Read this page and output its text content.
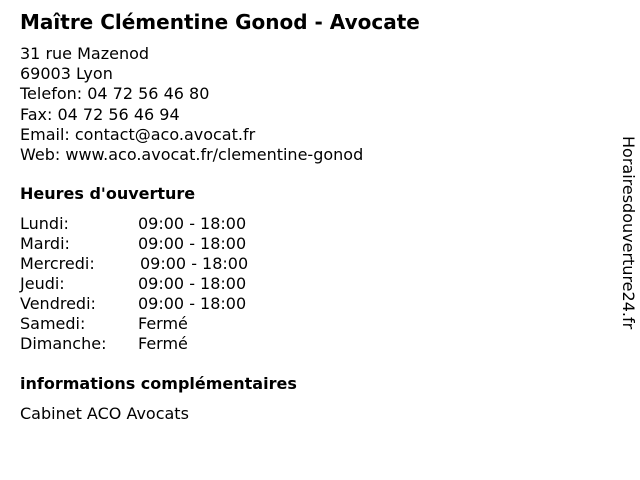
Maître Clémentine Gonod - Avocate
31 rue Mazenod
69003 Lyon
Telefon: 04 72 56 46 80
Fax: 04 72 56 46 94
Email: contact@aco.avocat.fr
Web: www.aco.avocat.fr/clementine-gonod
Heures d'ouverture
Lundi:	09:00 - 18:00
Mardi:	09:00 - 18:00
Mercredi:	09:00 - 18:00
Jeudi:	09:00 - 18:00
Vendredi:	09:00 - 18:00
Samedi:	Fermé
Dimanche: Fermé
informations complémentaires
Cabinet ACO Avocats
Horairesdouverture24.fr
